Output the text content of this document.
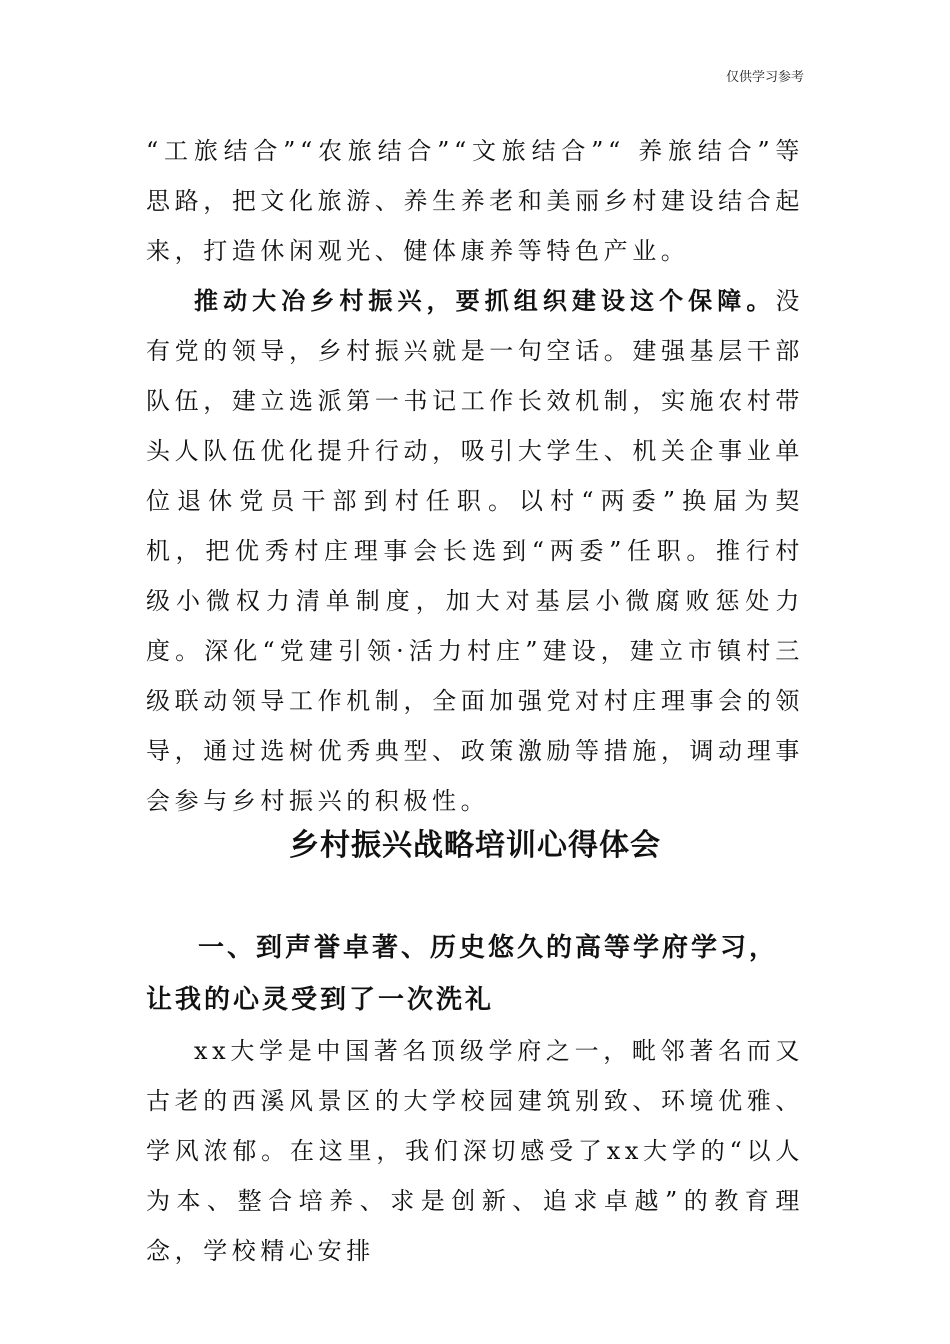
仅供学习参考

“工旅结合”“农旅结合”“文旅结合”“ 养旅结合”等思路，把文化旅游、养生养老和美丽乡村建设结合起来，打造休闲观光、健体康养等特色产业。

推动大冶乡村振兴，要抓组织建设这个保障。没有党的领导，乡村振兴就是一句空话。建强基层干部队伍，建立选派第一书记工作长效机制，实施农村带头人队伍优化提升行动，吸引大学生、机关企事业单位退休党员干部到村任职。以村“两委”换届为契机，把优秀村庄理事会长选到“两委”任职。推行村级小微权力清单制度，加大对基层小微腐败惩处力度。深化“党建引领·活力村庄”建设，建立市镇村三级联动领导工作机制，全面加强党对村庄理事会的领导，通过选树优秀典型、政策激励等措施，调动理事会参与乡村振兴的积极性。

乡村振兴战略培训心得体会

一、到声誉卓著、历史悠久的高等学府学习，让我的心灵受到了一次洗礼

xx大学是中国著名顶级学府之一，毗邻著名而又古老的西溪风景区的大学校园建筑别致、环境优雅、学风浓郁。在这里，我们深切感受了xx大学的“以人为本、整合培养、求是创新、追求卓越”的教育理念，学校精心安排
